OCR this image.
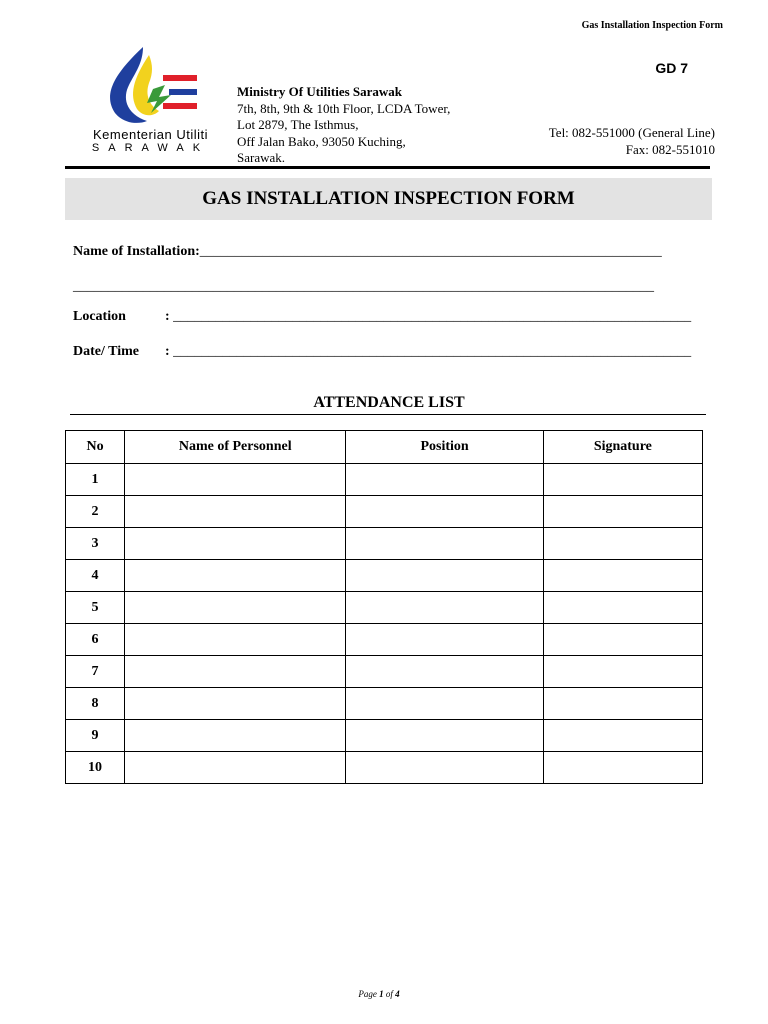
Gas Installation Inspection Form
GD 7
Kementerian Utiliti
SARAWAK
Ministry Of Utilities Sarawak
7th, 8th, 9th & 10th Floor, LCDA Tower,
Lot 2879, The Isthmus,
Off Jalan Bako, 93050 Kuching,
Sarawak.
Tel: 082-551000 (General Line)
Fax: 082-551010
GAS INSTALLATION INSPECTION FORM
Name of Installation:__________________________________________________________________
___________________________________________________________________________________
Location	: __________________________________________________________________________
Date/ Time : __________________________________________________________________________
ATTENDANCE LIST
No	Name of Personnel	Position	Signature
1			
2			
3			
4			
5			
6			
7			
8			
9			
10			
Page 1 of 4
